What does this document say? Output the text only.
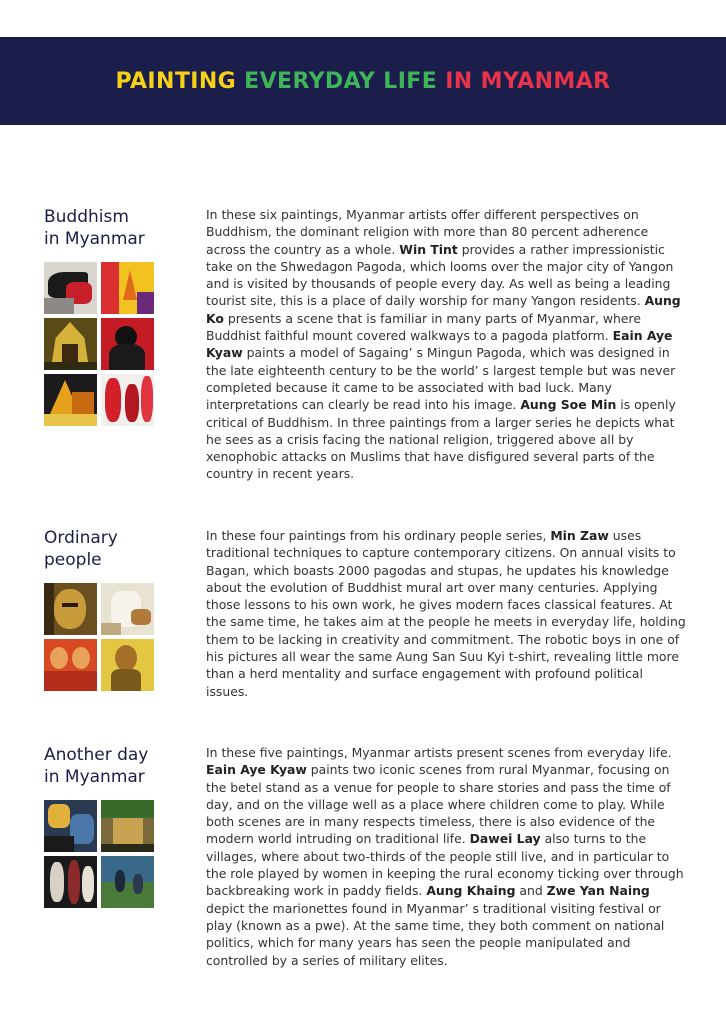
PAINTING EVERYDAY LIFE IN MYANMAR
Buddhism
in Myanmar

In these six paintings, Myanmar artists offer different perspectives on Buddhism, the dominant religion with more than 80 percent adherence across the country as a whole. Win Tint provides a rather impressionistic take on the Shwedagon Pagoda, which looms over the major city of Yangon and is visited by thousands of people every day. As well as being a leading tourist site, this is a place of daily worship for many Yangon residents. Aung Ko presents a scene that is familiar in many parts of Myanmar, where Buddhist faithful mount covered walkways to a pagoda platform. Eain Aye Kyaw paints a model of Sagaing’ s Mingun Pagoda, which was designed in the late eighteenth century to be the world’ s largest temple but was never completed because it came to be associated with bad luck. Many interpretations can clearly be read into his image. Aung Soe Min is openly critical of Buddhism. In three paintings from a larger series he depicts what he sees as a crisis facing the national religion, triggered above all by xenophobic attacks on Muslims that have disfigured several parts of the country in recent years.

Ordinary
people

In these four paintings from his ordinary people series, Min Zaw uses traditional techniques to capture contemporary citizens. On annual visits to Bagan, which boasts 2000 pagodas and stupas, he updates his knowledge about the evolution of Buddhist mural art over many centuries. Applying those lessons to his own work, he gives modern faces classical features. At the same time, he takes aim at the people he meets in everyday life, holding them to be lacking in creativity and commitment. The robotic boys in one of his pictures all wear the same Aung San Suu Kyi t-shirt, revealing little more than a herd mentality and surface engagement with profound political issues.

Another day
in Myanmar

In these five paintings, Myanmar artists present scenes from everyday life. Eain Aye Kyaw paints two iconic scenes from rural Myanmar, focusing on the betel stand as a venue for people to share stories and pass the time of day, and on the village well as a place where children come to play. While both scenes are in many respects timeless, there is also evidence of the modern world intruding on traditional life. Dawei Lay also turns to the villages, where about two-thirds of the people still live, and in particular to the role played by women in keeping the rural economy ticking over through backbreaking work in paddy fields. Aung Khaing and Zwe Yan Naing depict the marionettes found in Myanmar’ s traditional visiting festival or play (known as a pwe). At the same time, they both comment on national politics, which for many years has seen the people manipulated and controlled by a series of military elites.
